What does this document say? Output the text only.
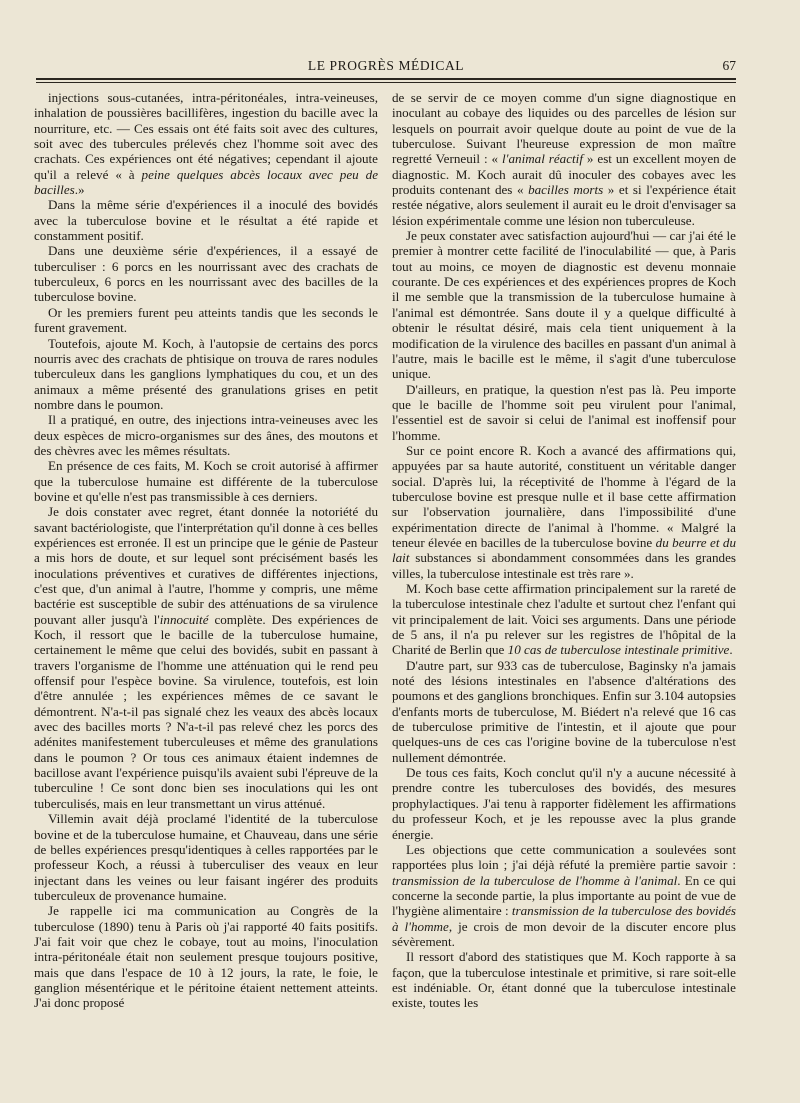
LE PROGRÈS MÉDICAL	67

injections sous-cutanées, intra-péritonéales, intra-veineuses, inhalation de poussières bacillifères, ingestion du bacille avec la nourriture, etc. — Ces essais ont été faits soit avec des cultures, soit avec des tubercules prélevés chez l'homme soit avec des crachats. Ces expériences ont été négatives; cependant il ajoute qu'il a relevé « à peine quelques abcès locaux avec peu de bacilles.»

Dans la même série d'expériences il a inoculé des bovidés avec la tuberculose bovine et le résultat a été rapide et constamment positif.

Dans une deuxième série d'expériences, il a essayé de tuberculiser : 6 porcs en les nourrissant avec des crachats de tuberculeux, 6 porcs en les nourrissant avec des bacilles de la tuberculose bovine.

Or les premiers furent peu atteints tandis que les seconds le furent gravement.

Toutefois, ajoute M. Koch, à l'autopsie de certains des porcs nourris avec des crachats de phtisique on trouva de rares nodules tuberculeux dans les ganglions lymphatiques du cou, et un des animaux a même présenté des granulations grises en petit nombre dans le poumon.

Il a pratiqué, en outre, des injections intra-veineuses avec les deux espèces de micro-organismes sur des ânes, des moutons et des chèvres avec les mêmes résultats.

En présence de ces faits, M. Koch se croit autorisé à affirmer que la tuberculose humaine est différente de la tuberculose bovine et qu'elle n'est pas transmissible à ces derniers.

Je dois constater avec regret, étant donnée la notoriété du savant bactériologiste, que l'interprétation qu'il donne à ces belles expériences est erronée. Il est un principe que le génie de Pasteur a mis hors de doute, et sur lequel sont précisément basés les inoculations préventives et curatives de différentes injections, c'est que, d'un animal à l'autre, l'homme y compris, une même bactérie est susceptible de subir des atténuations de sa virulence pouvant aller jusqu'à l'innocuité complète. Des expériences de Koch, il ressort que le bacille de la tuberculose humaine, certainement le même que celui des bovidés, subit en passant à travers l'organisme de l'homme une atténuation qui le rend peu offensif pour l'espèce bovine. Sa virulence, toutefois, est loin d'être annulée ; les expériences mêmes de ce savant le démontrent. N'a-t-il pas signalé chez les veaux des abcès locaux avec des bacilles morts ? N'a-t-il pas relevé chez les porcs des adénites manifestement tuberculeuses et même des granulations dans le poumon ? Or tous ces animaux étaient indemnes de bacillose avant l'expérience puisqu'ils avaient subi l'épreuve de la tuberculine ! Ce sont donc bien ses inoculations qui les ont tuberculisés, mais en leur transmettant un virus atténué.

Villemin avait déjà proclamé l'identité de la tuberculose bovine et de la tuberculose humaine, et Chauveau, dans une série de belles expériences presqu'identiques à celles rapportées par le professeur Koch, a réussi à tuberculiser des veaux en leur injectant dans les veines ou leur faisant ingérer des produits tuberculeux de provenance humaine.

Je rappelle ici ma communication au Congrès de la tuberculose (1890) tenu à Paris où j'ai rapporté 40 faits positifs. J'ai fait voir que chez le cobaye, tout au moins, l'inoculation intra-péritonéale était non seulement presque toujours positive, mais que dans l'espace de 10 à 12 jours, la rate, le foie, le ganglion mésentérique et le péritoine étaient nettement atteints. J'ai donc proposé

de se servir de ce moyen comme d'un signe diagnostique en inoculant au cobaye des liquides ou des parcelles de lésion sur lesquels on pourrait avoir quelque doute au point de vue de la tuberculose. Suivant l'heureuse expression de mon maître regretté Verneuil : « l'animal réactif » est un excellent moyen de diagnostic. M. Koch aurait dû inoculer des cobayes avec les produits contenant des « bacilles morts » et si l'expérience était restée négative, alors seulement il aurait eu le droit d'envisager sa lésion expérimentale comme une lésion non tuberculeuse.

Je peux constater avec satisfaction aujourd'hui — car j'ai été le premier à montrer cette facilité de l'inoculabilité — que, à Paris tout au moins, ce moyen de diagnostic est devenu monnaie courante. De ces expériences et des expériences propres de Koch il me semble que la transmission de la tuberculose humaine à l'animal est démontrée. Sans doute il y a quelque difficulté à obtenir le résultat désiré, mais cela tient uniquement à la modification de la virulence des bacilles en passant d'un animal à l'autre, mais le bacille est le même, il s'agit d'une tuberculose unique.

D'ailleurs, en pratique, la question n'est pas là. Peu importe que le bacille de l'homme soit peu virulent pour l'animal, l'essentiel est de savoir si celui de l'animal est inoffensif pour l'homme.

Sur ce point encore R. Koch a avancé des affirmations qui, appuyées par sa haute autorité, constituent un véritable danger social. D'après lui, la réceptivité de l'homme à l'égard de la tuberculose bovine est presque nulle et il base cette affirmation sur l'observation journalière, dans l'impossibilité d'une expérimentation directe de l'animal à l'homme. « Malgré la teneur élevée en bacilles de la tuberculose bovine du beurre et du lait substances si abondamment consommées dans les grandes villes, la tuberculose intestinale est très rare ».

M. Koch base cette affirmation principalement sur la rareté de la tuberculose intestinale chez l'adulte et surtout chez l'enfant qui vit principalement de lait. Voici ses arguments. Dans une période de 5 ans, il n'a pu relever sur les registres de l'hôpital de la Charité de Berlin que 10 cas de tuberculose intestinale primitive.

D'autre part, sur 933 cas de tuberculose, Baginsky n'a jamais noté des lésions intestinales en l'absence d'altérations des poumons et des ganglions bronchiques. Enfin sur 3.104 autopsies d'enfants morts de tuberculose, M. Biédert n'a relevé que 16 cas de tuberculose primitive de l'intestin, et il ajoute que pour quelques-uns de ces cas l'origine bovine de la tuberculose n'est nullement démontrée.

De tous ces faits, Koch conclut qu'il n'y a aucune nécessité à prendre contre les tuberculoses des bovidés, des mesures prophylactiques. J'ai tenu à rapporter fidèlement les affirmations du professeur Koch, et je les repousse avec la plus grande énergie.

Les objections que cette communication a soulevées sont rapportées plus loin ; j'ai déjà réfuté la première partie savoir : transmission de la tuberculose de l'homme à l'animal. En ce qui concerne la seconde partie, la plus importante au point de vue de l'hygiène alimentaire : transmission de la tuberculose des bovidés à l'homme, je crois de mon devoir de la discuter encore plus sévèrement.

Il ressort d'abord des statistiques que M. Koch rapporte à sa façon, que la tuberculose intestinale et primitive, si rare soit-elle est indéniable. Or, étant donné que la tuberculose intestinale existe, toutes les
